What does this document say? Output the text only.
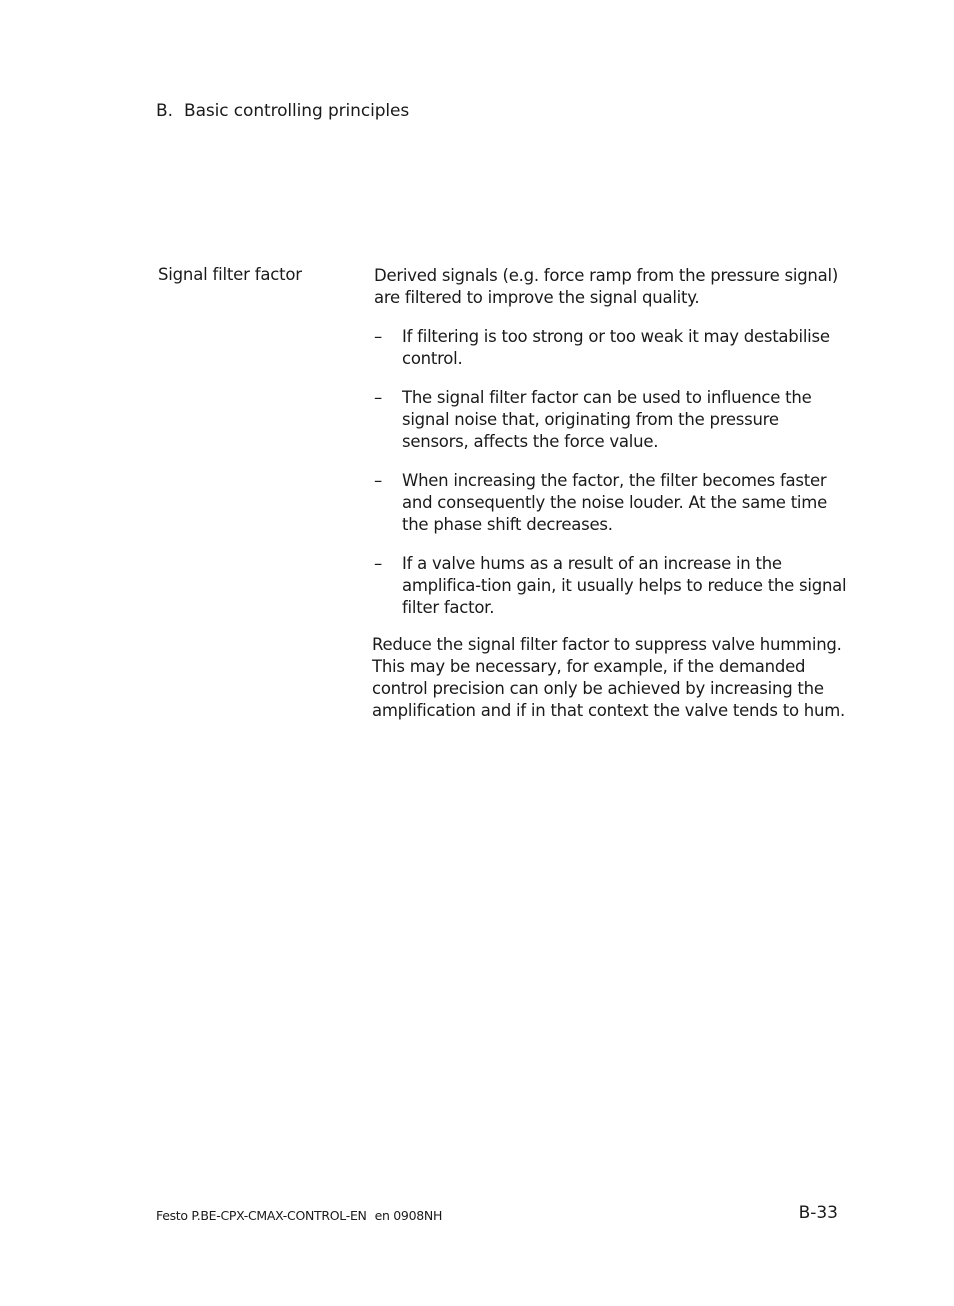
B. Basic controlling principles
Signal filter factor	Derived signals (e.g. force ramp from the pressure signal) are filtered to improve the signal quality.

– If filtering is too strong or too weak it may destabilise control.
– The signal filter factor can be used to influence the signal noise that, originating from the pressure sensors, affects the force value.
– When increasing the factor, the filter becomes faster and consequently the noise louder. At the same time the phase shift decreases.
– If a valve hums as a result of an increase in the amplifica-tion gain, it usually helps to reduce the signal filter factor.

Reduce the signal filter factor to suppress valve humming. This may be necessary, for example, if the demanded control precision can only be achieved by increasing the amplification and if in that context the valve tends to hum.

Festo P.BE-CPX-CMAX-CONTROL-EN en 0908NH	B-33
